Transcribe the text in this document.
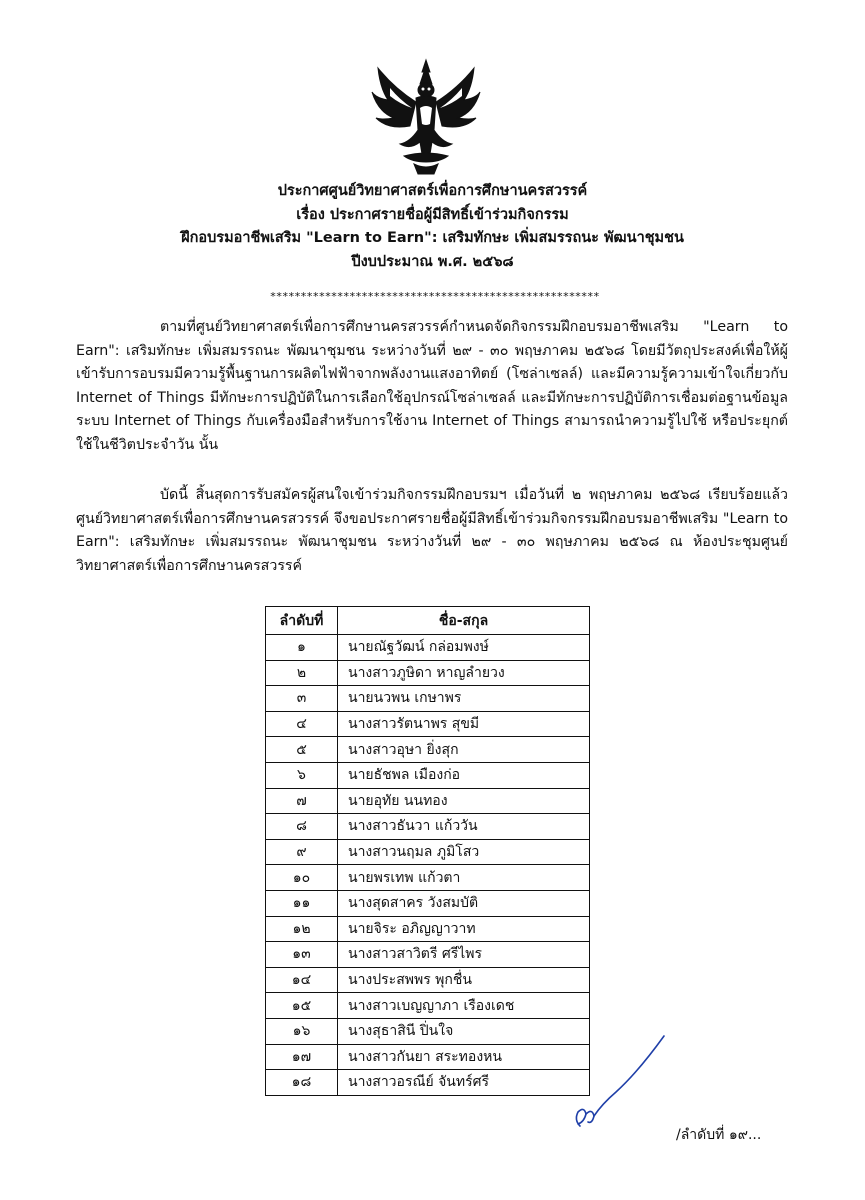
ประกาศศูนย์วิทยาศาสตร์เพื่อการศึกษานครสวรรค์
เรื่อง ประกาศรายชื่อผู้มีสิทธิ์เข้าร่วมกิจกรรม
ฝึกอบรมอาชีพเสริม "Learn to Earn": เสริมทักษะ เพิ่มสมรรถนะ พัฒนาชุมชน
ปีงบประมาณ พ.ศ. ๒๕๖๘
******************************************************

ตามที่ศูนย์วิทยาศาสตร์เพื่อการศึกษานครสวรรค์กำหนดจัดกิจกรรมฝึกอบรมอาชีพเสริม "Learn to Earn": เสริมทักษะ เพิ่มสมรรถนะ พัฒนาชุมชน ระหว่างวันที่ ๒๙ - ๓๐ พฤษภาคม ๒๕๖๘ โดยมีวัตถุประสงค์เพื่อให้ผู้เข้ารับการอบรมมีความรู้พื้นฐานการผลิตไฟฟ้าจากพลังงานแสงอาทิตย์ (โซล่าเซลล์) และมีความรู้ความเข้าใจเกี่ยวกับ Internet of Things มีทักษะการปฏิบัติในการเลือกใช้อุปกรณ์โซล่าเซลล์ และมีทักษะการปฏิบัติการเชื่อมต่อฐานข้อมูลระบบ Internet of Things กับเครื่องมือสำหรับการใช้งาน Internet of Things สามารถนำความรู้ไปใช้ หรือประยุกต์ใช้ในชีวิตประจำวัน นั้น

บัดนี้ สิ้นสุดการรับสมัครผู้สนใจเข้าร่วมกิจกรรมฝึกอบรมฯ เมื่อวันที่ ๒ พฤษภาคม ๒๕๖๘ เรียบร้อยแล้ว ศูนย์วิทยาศาสตร์เพื่อการศึกษานครสวรรค์ จึงขอประกาศรายชื่อผู้มีสิทธิ์เข้าร่วมกิจกรรมฝึกอบรมอาชีพเสริม "Learn to Earn": เสริมทักษะ เพิ่มสมรรถนะ พัฒนาชุมชน ระหว่างวันที่ ๒๙ - ๓๐ พฤษภาคม ๒๕๖๘ ณ ห้องประชุมศูนย์วิทยาศาสตร์เพื่อการศึกษานครสวรรค์

ลำดับที่	ชื่อ-สกุล
๑	นายณัฐวัฒน์ กล่อมพงษ์
๒	นางสาวภูษิดา หาญลำยวง
๓	นายนวพน เกษาพร
๔	นางสาวรัตนาพร สุขมี
๕	นางสาวอุษา ยิ่งสุก
๖	นายธัชพล เมืองก่อ
๗	นายอุทัย นนทอง
๘	นางสาวธันวา แก้ววัน
๙	นางสาวนฤมล ภูมิโสว
๑๐	นายพรเทพ แก้วตา
๑๑	นางสุดสาคร วังสมบัติ
๑๒	นายจิระ อภิญญาวาท
๑๓	นางสาวสาวิตรี ศรีไพร
๑๔	นางประสพพร พุกชื่น
๑๕	นางสาวเบญญาภา เรืองเดช
๑๖	นางสุธาสินี ปิ่นใจ
๑๗	นางสาวกันยา สระทองหน
๑๘	นางสาวอรณีย์ จันทร์ศรี
/ลำดับที่ ๑๙...
